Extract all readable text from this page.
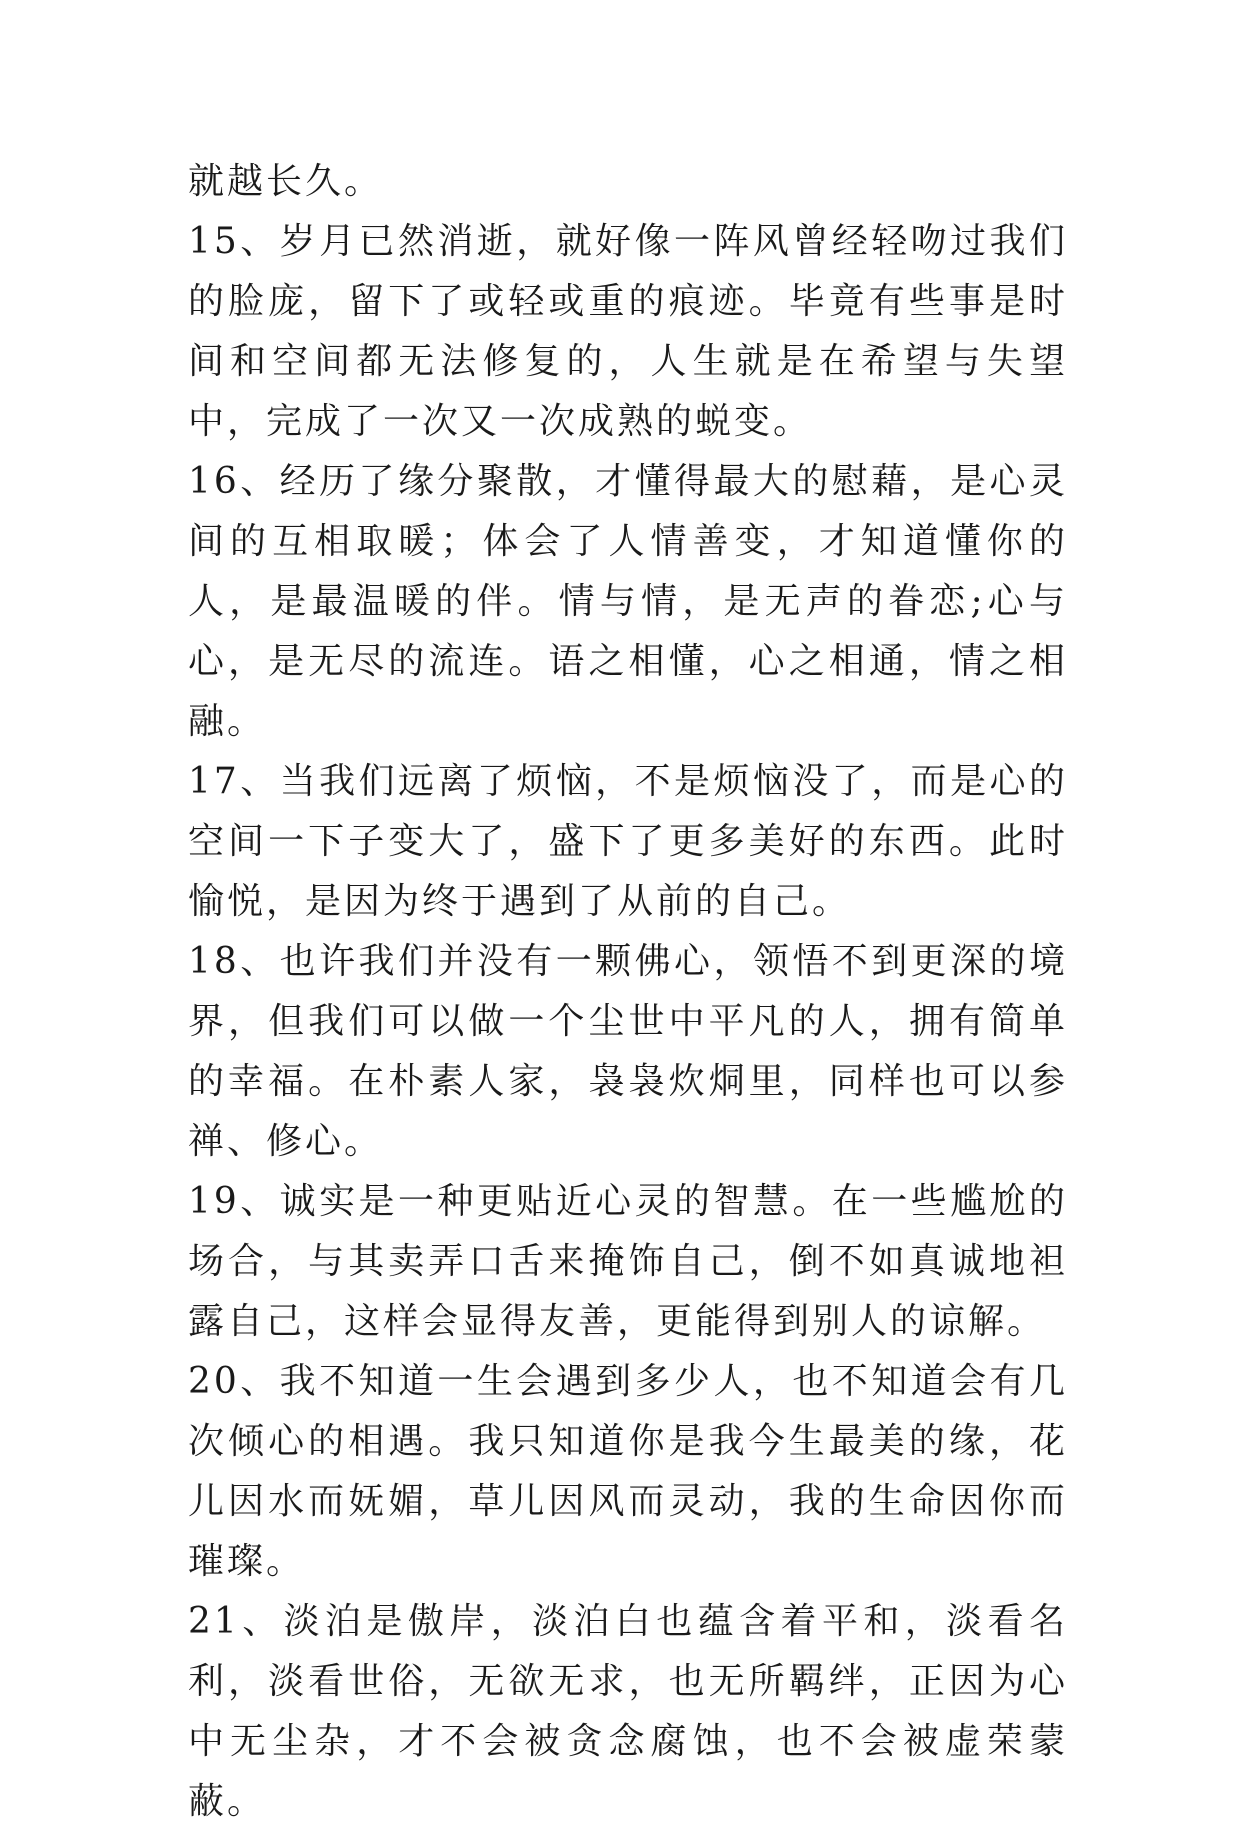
就越长久。

15、岁月已然消逝，就好像一阵风曾经轻吻过我们的脸庞，留下了或轻或重的痕迹。毕竟有些事是时间和空间都无法修复的，人生就是在希望与失望中，完成了一次又一次成熟的蜕变。

16、经历了缘分聚散，才懂得最大的慰藉，是心灵间的互相取暖；体会了人情善变，才知道懂你的人，是最温暖的伴。情与情，是无声的眷恋;心与心，是无尽的流连。语之相懂，心之相通，情之相融。

17、当我们远离了烦恼，不是烦恼没了，而是心的空间一下子变大了，盛下了更多美好的东西。此时愉悦，是因为终于遇到了从前的自己。

18、也许我们并没有一颗佛心，领悟不到更深的境界，但我们可以做一个尘世中平凡的人，拥有简单的幸福。在朴素人家，袅袅炊烔里，同样也可以参禅、修心。

19、诚实是一种更贴近心灵的智慧。在一些尴尬的场合，与其卖弄口舌来掩饰自己，倒不如真诚地袒露自己，这样会显得友善，更能得到别人的谅解。

20、我不知道一生会遇到多少人，也不知道会有几次倾心的相遇。我只知道你是我今生最美的缘，花儿因水而妩媚，草儿因风而灵动，我的生命因你而璀璨。

21、淡泊是傲岸，淡泊白也蕴含着平和，淡看名利，淡看世俗，无欲无求，也无所羁绊，正因为心中无尘杂，才不会被贪念腐蚀，也不会被虚荣蒙蔽。
